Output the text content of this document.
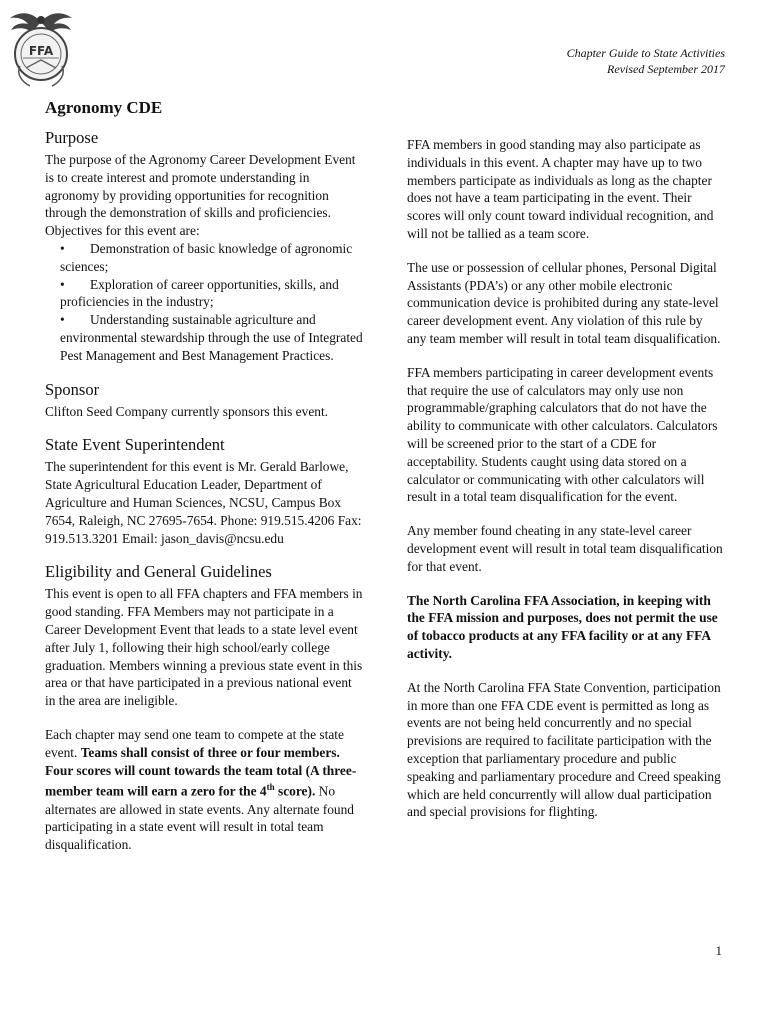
FFA	Chapter Guide to State Activities
Revised September 2017
Agronomy CDE
Purpose
The purpose of the Agronomy Career Development Event is to create interest and promote understanding in agronomy by providing opportunities for recognition through the demonstration of skills and proficiencies.
Objectives for this event are:
• Demonstration of basic knowledge of agronomic sciences;
• Exploration of career opportunities, skills, and proficiencies in the industry;
• Understanding sustainable agriculture and environmental stewardship through the use of Integrated Pest Management and Best Management Practices.
Sponsor
Clifton Seed Company currently sponsors this event.
State Event Superintendent
The superintendent for this event is Mr. Gerald Barlowe, State Agricultural Education Leader, Department of Agriculture and Human Sciences, NCSU, Campus Box 7654, Raleigh, NC 27695-7654. Phone: 919.515.4206 Fax: 919.513.3201 Email: jason_davis@ncsu.edu
Eligibility and General Guidelines

This event is open to all FFA chapters and FFA members in good standing. FFA Members may not participate in a Career Development Event that leads to a state level event after July 1, following their high school/early college graduation. Members winning a previous state event in this area or that have participated in a previous national event in the area are ineligible.

Each chapter may send one team to compete at the state event. Teams shall consist of three or four members. Four scores will count towards the team total (A three-member team will earn a zero for the 4th score). No alternates are allowed in state events. Any alternate found participating in a state event will result in total team disqualification.

FFA members in good standing may also participate as individuals in this event. A chapter may have up to two members participate as individuals as long as the chapter does not have a team participating in the event. Their scores will only count toward individual recognition, and will not be tallied as a team score.

The use or possession of cellular phones, Personal Digital Assistants (PDA’s) or any other mobile electronic communication device is prohibited during any state-level career development event. Any violation of this rule by any team member will result in total team disqualification.

FFA members participating in career development events that require the use of calculators may only use non programmable/graphing calculators that do not have the ability to communicate with other calculators. Calculators will be screened prior to the start of a CDE for acceptability. Students caught using data stored on a calculator or communicating with other calculators will result in a total team disqualification for the event.

Any member found cheating in any state-level career development event will result in total team disqualification for that event.

The North Carolina FFA Association, in keeping with the FFA mission and purposes, does not permit the use of tobacco products at any FFA facility or at any FFA activity.

At the North Carolina FFA State Convention, participation in more than one FFA CDE event is permitted as long as events are not being held concurrently and no special previsions are required to facilitate participation with the exception that parliamentary procedure and public speaking and parliamentary procedure and Creed speaking which are held concurrently will allow dual participation and special provisions for flighting.

1
